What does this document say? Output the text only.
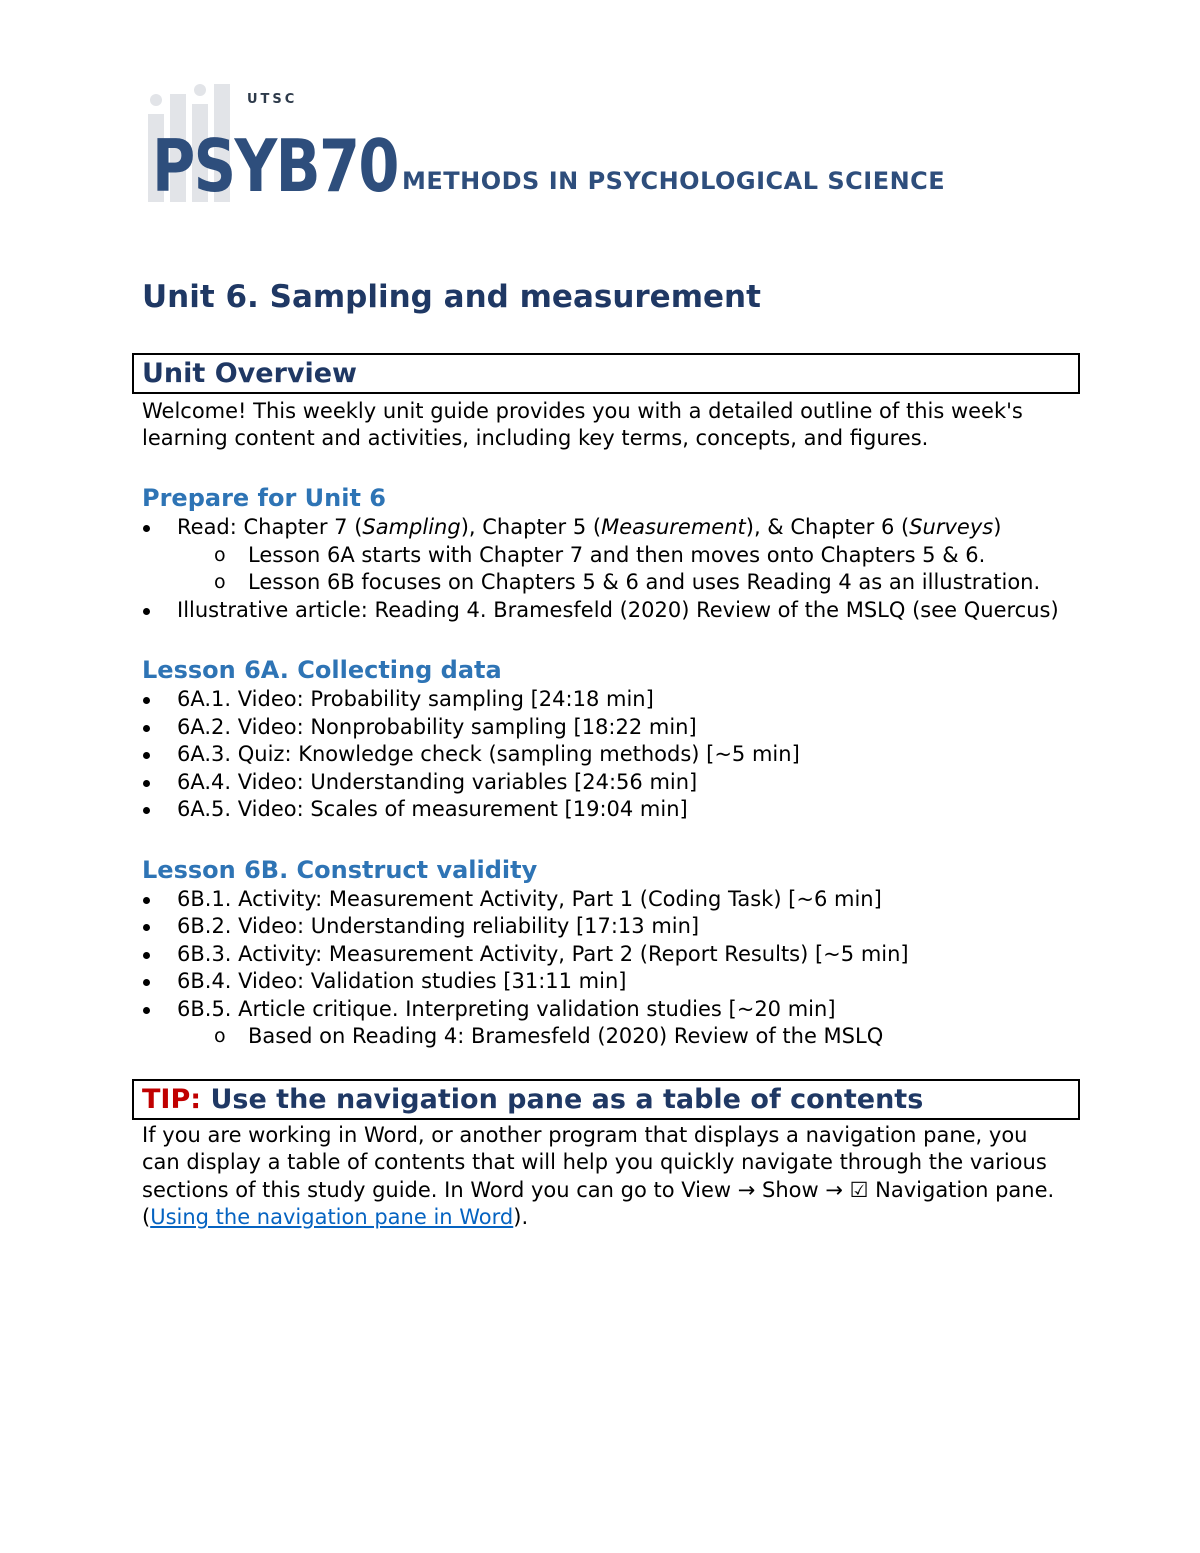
UTSC
PSYB70 METHODS IN PSYCHOLOGICAL SCIENCE
Unit 6. Sampling and measurement
Unit Overview

Welcome! This weekly unit guide provides you with a detailed outline of this week's learning content and activities, including key terms, concepts, and figures.

Prepare for Unit 6
Read: Chapter 7 (Sampling), Chapter 5 (Measurement), & Chapter 6 (Surveys)
o Lesson 6A starts with Chapter 7 and then moves onto Chapters 5 & 6.
o Lesson 6B focuses on Chapters 5 & 6 and uses Reading 4 as an illustration.
Illustrative article: Reading 4. Bramesfeld (2020) Review of the MSLQ (see Quercus)
Lesson 6A. Collecting data
6A.1. Video: Probability sampling [24:18 min]
6A.2. Video: Nonprobability sampling [18:22 min]
6A.3. Quiz: Knowledge check (sampling methods) [~5 min]
6A.4. Video: Understanding variables [24:56 min]
6A.5. Video: Scales of measurement [19:04 min]
Lesson 6B. Construct validity
6B.1. Activity: Measurement Activity, Part 1 (Coding Task) [~6 min]
6B.2. Video: Understanding reliability [17:13 min]
6B.3. Activity: Measurement Activity, Part 2 (Report Results) [~5 min]
6B.4. Video: Validation studies [31:11 min]
6B.5. Article critique. Interpreting validation studies [~20 min]
o Based on Reading 4: Bramesfeld (2020) Review of the MSLQ
TIP: Use the navigation pane as a table of contents

If you are working in Word, or another program that displays a navigation pane, you can display a table of contents that will help you quickly navigate through the various sections of this study guide. In Word you can go to View → Show → ☑ Navigation pane. (Using the navigation pane in Word).
